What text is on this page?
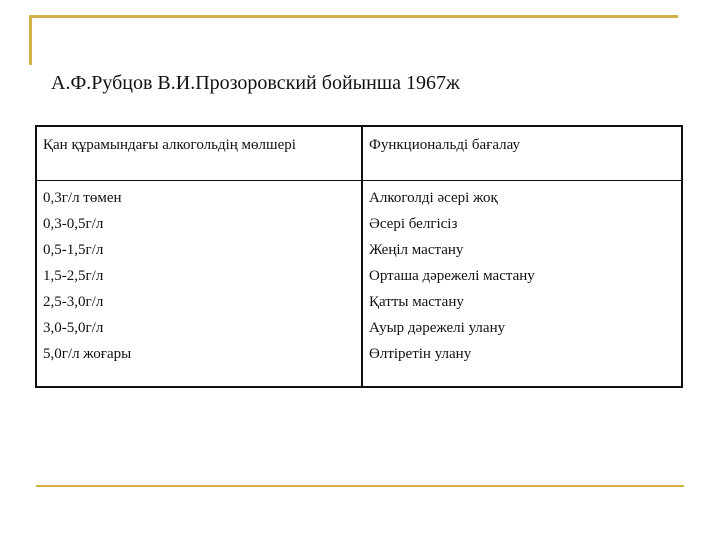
А.Ф.Рубцов В.И.Прозоровский бойынша 1967ж
Қан құрамындағы алкогольдің мөлшері	Функциональді бағалау
0,3г/л төмен	Алкоголді әсері жоқ
0,3-0,5г/л	Әсері белгісіз
0,5-1,5г/л	Жеңіл мастану
1,5-2,5г/л	Орташа дәрежелі мастану
2,5-3,0г/л	Қатты мастану
3,0-5,0г/л	Ауыр дәрежелі улану
5,0г/л жоғары	Өлтіретін улану
